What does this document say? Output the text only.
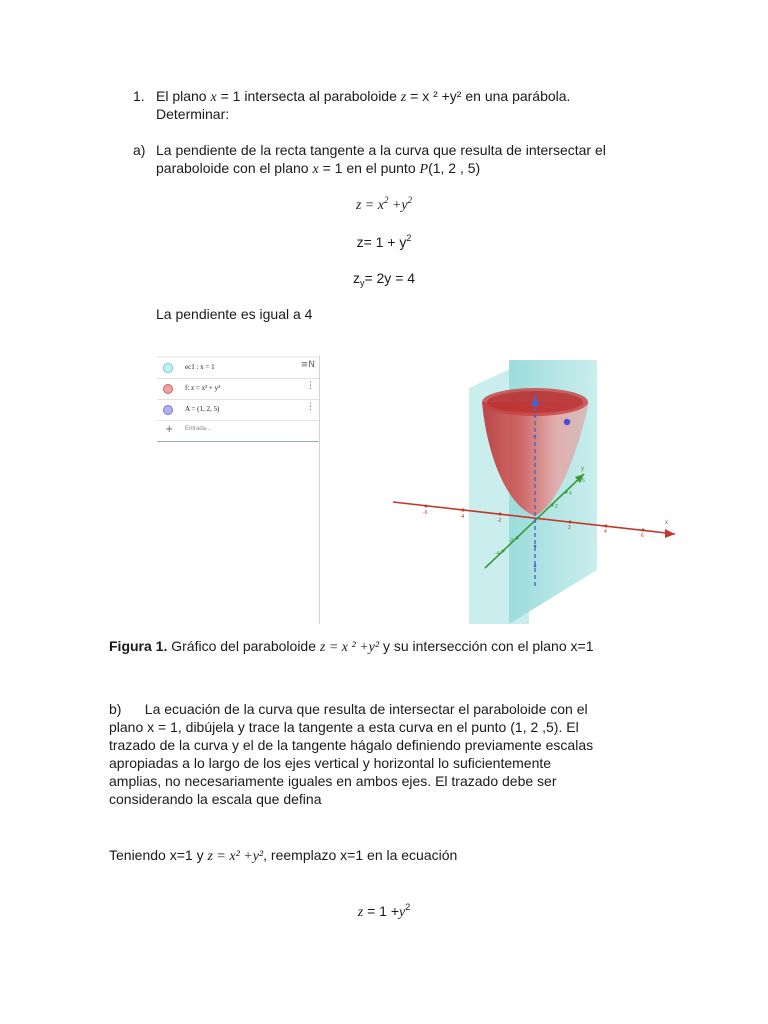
1. El plano x = 1 intersecta al paraboloide z = x ² +y² en una parábola.
Determinar:
a) La pendiente de la recta tangente a la curva que resulta de intersectar el
paraboloide con el plano x = 1 en el punto P(1, 2 , 5)
$z = x^2 +y^2$
$z= 1 + y^2$
$z_y= 2y = 4$
La pendiente es igual a 4
ec1 : x = 1	≡N
f: z = x² + y²	⋮
A = (1, 2, 5)	⋮
+ Entrada...
-6
-4
-2
2
4
6
x
-4
-2
2
4
6
y
z
Figura 1. Gráfico del paraboloide z = x ² +y² y su intersección con el plano x=1
b)      La ecuación de la curva que resulta de intersectar el paraboloide con el
plano x = 1, dibújela y trace la tangente a esta curva en el punto (1, 2 ,5). El
trazado de la curva y el de la tangente hágalo definiendo previamente escalas
apropiadas a lo largo de los ejes vertical y horizontal lo suficientemente
amplias, no necesariamente iguales en ambos ejes. El trazado debe ser
considerando la escala que defina
Teniendo x=1 y z = x² +y², reemplazo x=1 en la ecuación
$z = 1 +y^2$
